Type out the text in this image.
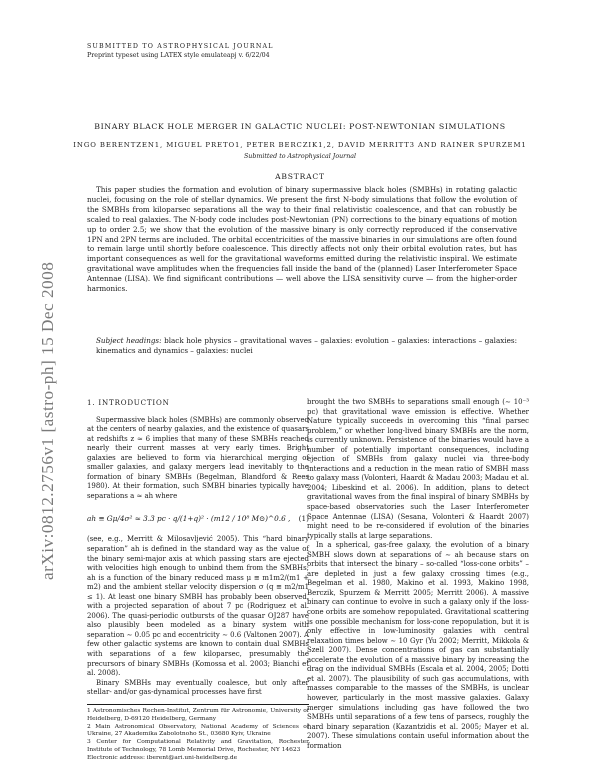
SUBMITTED TO ASTROPHYSICAL JOURNAL
Preprint typeset using LATEX style emulateapj v. 6/22/04
arXiv:0812.2756v1 [astro-ph] 15 Dec 2008
BINARY BLACK HOLE MERGER IN GALACTIC NUCLEI: POST-NEWTONIAN SIMULATIONS
INGO BERENTZEN1, MIGUEL PRETO1, PETER BERCZIK1,2, DAVID MERRITT3 AND RAINER SPURZEM1
Submitted to Astrophysical Journal
ABSTRACT

This paper studies the formation and evolution of binary supermassive black holes (SMBHs) in rotating galactic nuclei, focusing on the role of stellar dynamics. We present the first N-body simulations that follow the evolution of the SMBHs from kiloparsec separations all the way to their final relativistic coalescence, and that can robustly be scaled to real galaxies. The N-body code includes post-Newtonian (PN) corrections to the binary equations of motion up to order 2.5; we show that the evolution of the massive binary is only correctly reproduced if the conservative 1PN and 2PN terms are included. The orbital eccentricities of the massive binaries in our simulations are often found to remain large until shortly before coalescence. This directly affects not only their orbital evolution rates, but has important consequences as well for the gravitational waveforms emitted during the relativistic inspiral. We estimate gravitational wave amplitudes when the frequencies fall inside the band of the (planned) Laser Interferometer Space Antennae (LISA). We find significant contributions — well above the LISA sensitivity curve — from the higher-order harmonics.

Subject headings: black hole physics – gravitational waves – galaxies: evolution – galaxies: interactions – galaxies: kinematics and dynamics – galaxies: nuclei

1. INTRODUCTION

Supermassive black holes (SMBHs) are commonly observed at the centers of nearby galaxies, and the existence of quasars at redshifts z ≈ 6 implies that many of these SMBHs reached nearly their current masses at very early times. Bright galaxies are believed to form via hierarchical merging of smaller galaxies, and galaxy mergers lead inevitably to the formation of binary SMBHs (Begelman, Blandford & Rees 1980). At their formation, such SMBH binaries typically have separations a ≈ ah where

ah ≡ Gμ/4σ² ≈ 3.3 pc · q/(1+q)² · (m12 / 10⁸ M⊙)^0.6 , (1)

(see, e.g., Merritt & Milosavljević 2005). This “hard binary separation” ah is defined in the standard way as the value of the binary semi-major axis at which passing stars are ejected with velocities high enough to unbind them from the SMBHs; ah is a function of the binary reduced mass μ ≡ m1m2/(m1 + m2) and the ambient stellar velocity dispersion σ (q ≡ m2/m1 ≤ 1). At least one binary SMBH has probably been observed, with a projected separation of about 7 pc (Rodriguez et al. 2006). The quasi-periodic outbursts of the quasar OJ287 have also plausibly been modeled as a binary system with separation ∼ 0.05 pc and eccentricity ∼ 0.6 (Valtonen 2007). A few other galactic systems are known to contain dual SMBHs with separations of a few kiloparsec, presumably the precursors of binary SMBHs (Komossa et al. 2003; Bianchi et al. 2008).

Binary SMBHs may eventually coalesce, but only after stellar- and/or gas-dynamical processes have first

1 Astronomisches Rechen-Institut, Zentrum für Astronomie, University of Heidelberg, D-69120 Heidelberg, Germany
2 Main Astronomical Observatory, National Academy of Sciences of Ukraine, 27 Akademika Zabolotnoho St., 03680 Kyiv, Ukraine
3 Center for Computational Relativity and Gravitation, Rochester Institute of Technology, 78 Lomb Memorial Drive, Rochester, NY 14623
Electronic address: iberent@ari.uni-heidelberg.de

brought the two SMBHs to separations small enough (∼ 10⁻³ pc) that gravitational wave emission is effective. Whether Nature typically succeeds in overcoming this “final parsec problem,” or whether long-lived binary SMBHs are the norm, is currently unknown. Persistence of the binaries would have a number of potentially important consequences, including ejection of SMBHs from galaxy nuclei via three-body interactions and a reduction in the mean ratio of SMBH mass to galaxy mass (Volonteri, Haardt & Madau 2003; Madau et al. 2004; Libeskind et al. 2006). In addition, plans to detect gravitational waves from the final inspiral of binary SMBHs by space-based observatories such the Laser Interferometer Space Antennae (LISA) (Sesana, Volonteri & Haardt 2007) might need to be re-considered if evolution of the binaries typically stalls at large separations.

In a spherical, gas-free galaxy, the evolution of a binary SMBH slows down at separations of ∼ ah because stars on orbits that intersect the binary – so-called “loss-cone orbits” – are depleted in just a few galaxy crossing times (e.g., Begelman et al. 1980, Makino et al. 1993, Makino 1998, Berczik, Spurzem & Merritt 2005; Merritt 2006). A massive binary can continue to evolve in such a galaxy only if the loss-cone orbits are somehow repopulated. Gravitational scattering is one possible mechanism for loss-cone repopulation, but it is only effective in low-luminosity galaxies with central relaxation times below ∼ 10 Gyr (Yu 2002; Merritt, Mikkola & Szell 2007). Dense concentrations of gas can substantially accelerate the evolution of a massive binary by increasing the drag on the individual SMBHs (Escala et al. 2004, 2005; Dotti et al. 2007). The plausibility of such gas accumulations, with masses comparable to the masses of the SMBHs, is unclear however, particularly in the most massive galaxies. Galaxy merger simulations including gas have followed the two SMBHs until separations of a few tens of parsecs, roughly the hard binary separation (Kazantzidis et al. 2005; Mayer et al. 2007). These simulations contain useful information about the formation
